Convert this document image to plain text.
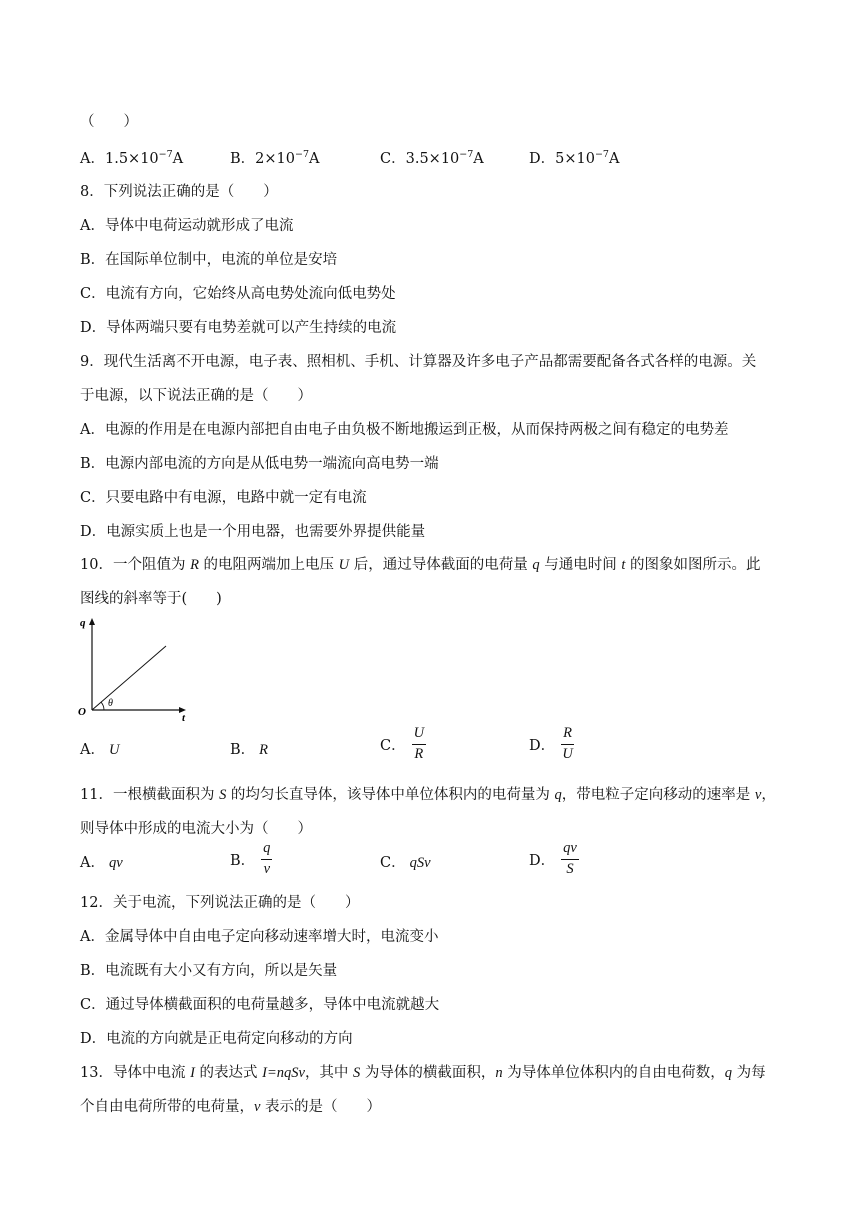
（　　）
A．$1.5\times 10^{-7}A$	B．$2\times 10^{-7}A$	C．$3.5\times 10^{-7}A$	D．$5\times 10^{-7}A$
8．下列说法正确的是（　　）
A．导体中电荷运动就形成了电流
B．在国际单位制中，电流的单位是安培
C．电流有方向，它始终从高电势处流向低电势处
D．导体两端只要有电势差就可以产生持续的电流
9．现代生活离不开电源，电子表、照相机、手机、计算器及许多电子产品都需要配备各式各样的电源。关
于电源，以下说法正确的是（　　）
A．电源的作用是在电源内部把自由电子由负极不断地搬运到正极，从而保持两极之间有稳定的电势差
B．电源内部电流的方向是从低电势一端流向高电势一端
C．只要电路中有电源，电路中就一定有电流
D．电源实质上也是一个用电器，也需要外界提供能量
10．一个阻值为 R 的电阻两端加上电压 U 后，通过导体截面的电荷量 q 与通电时间 t 的图象如图所示。此
图线的斜率等于(　　)
q
t
O
θ
A． U	B． R	C． $\frac{U}{R}$	D． $\frac{R}{U}$
11．一根横截面积为 S 的均匀长直导体，该导体中单位体积内的电荷量为 q，带电粒子定向移动的速率是 v，
则导体中形成的电流大小为（　　）
A． qv	B． $\frac{q}{v}$	C． qSv	D． $\frac{qv}{S}$
12．关于电流，下列说法正确的是（　　）
A．金属导体中自由电子定向移动速率增大时，电流变小
B．电流既有大小又有方向，所以是矢量
C．通过导体横截面积的电荷量越多，导体中电流就越大
D．电流的方向就是正电荷定向移动的方向
13．导体中电流 I 的表达式 I=nqSv，其中 S 为导体的横截面积，n 为导体单位体积内的自由电荷数，q 为每
个自由电荷所带的电荷量，v 表示的是（　　）
